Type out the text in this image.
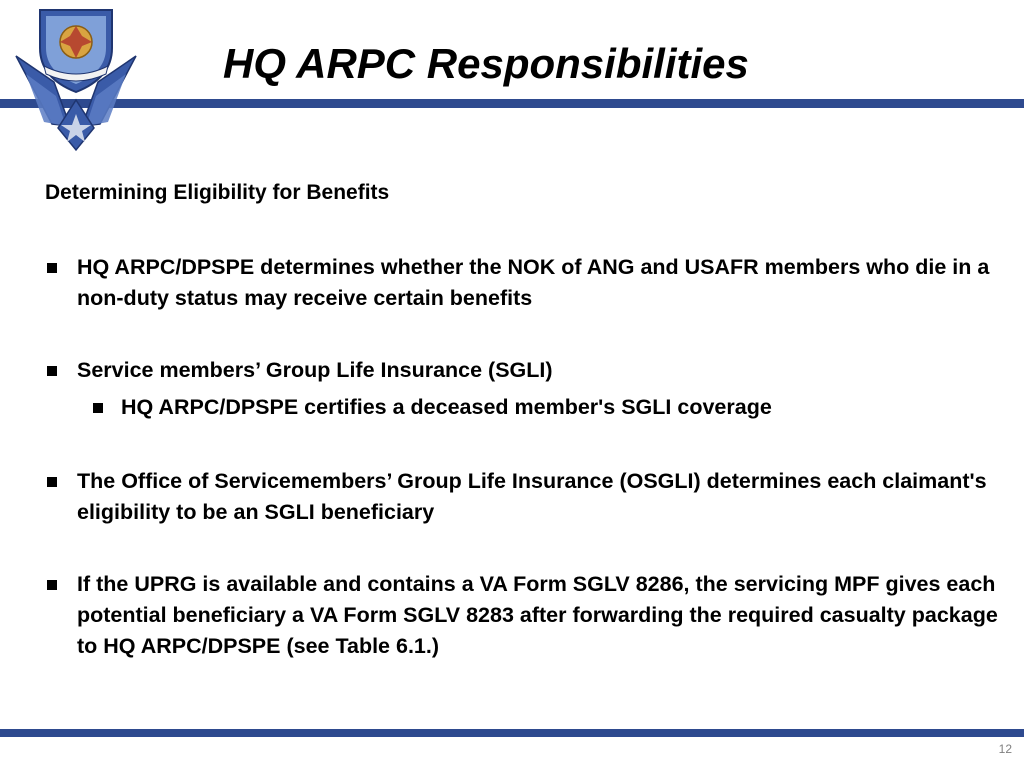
HQ ARPC Responsibilities

Determining Eligibility for Benefits

HQ ARPC/DPSPE determines whether the NOK of ANG and USAFR members who die in a non-duty status may receive certain benefits
Service members’ Group Life Insurance (SGLI)
HQ ARPC/DPSPE certifies a deceased member's SGLI coverage
The Office of Servicemembers’ Group Life Insurance (OSGLI) determines each claimant's eligibility to be an SGLI beneficiary
If the UPRG is available and contains a VA Form SGLV 8286, the servicing MPF gives each potential beneficiary a VA Form SGLV 8283 after forwarding the required casualty package to HQ ARPC/DPSPE (see Table 6.1.)
12
